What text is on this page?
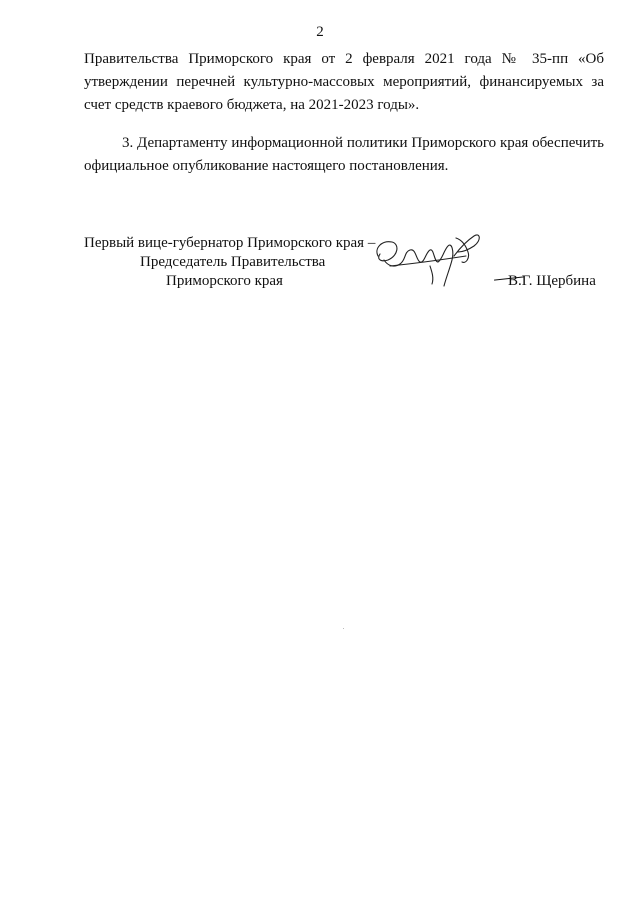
2

Правительства Приморского края от 2 февраля 2021 года № 35-пп «Об утверждении перечней культурно-массовых мероприятий, финансируемых за счет средств краевого бюджета, на 2021-2023 годы».

3. Департаменту информационной политики Приморского края обеспечить официальное опубликование настоящего постановления.

Первый вице-губернатор Приморского края –
Председатель Правительства
Приморского края	В.Г. Щербина
